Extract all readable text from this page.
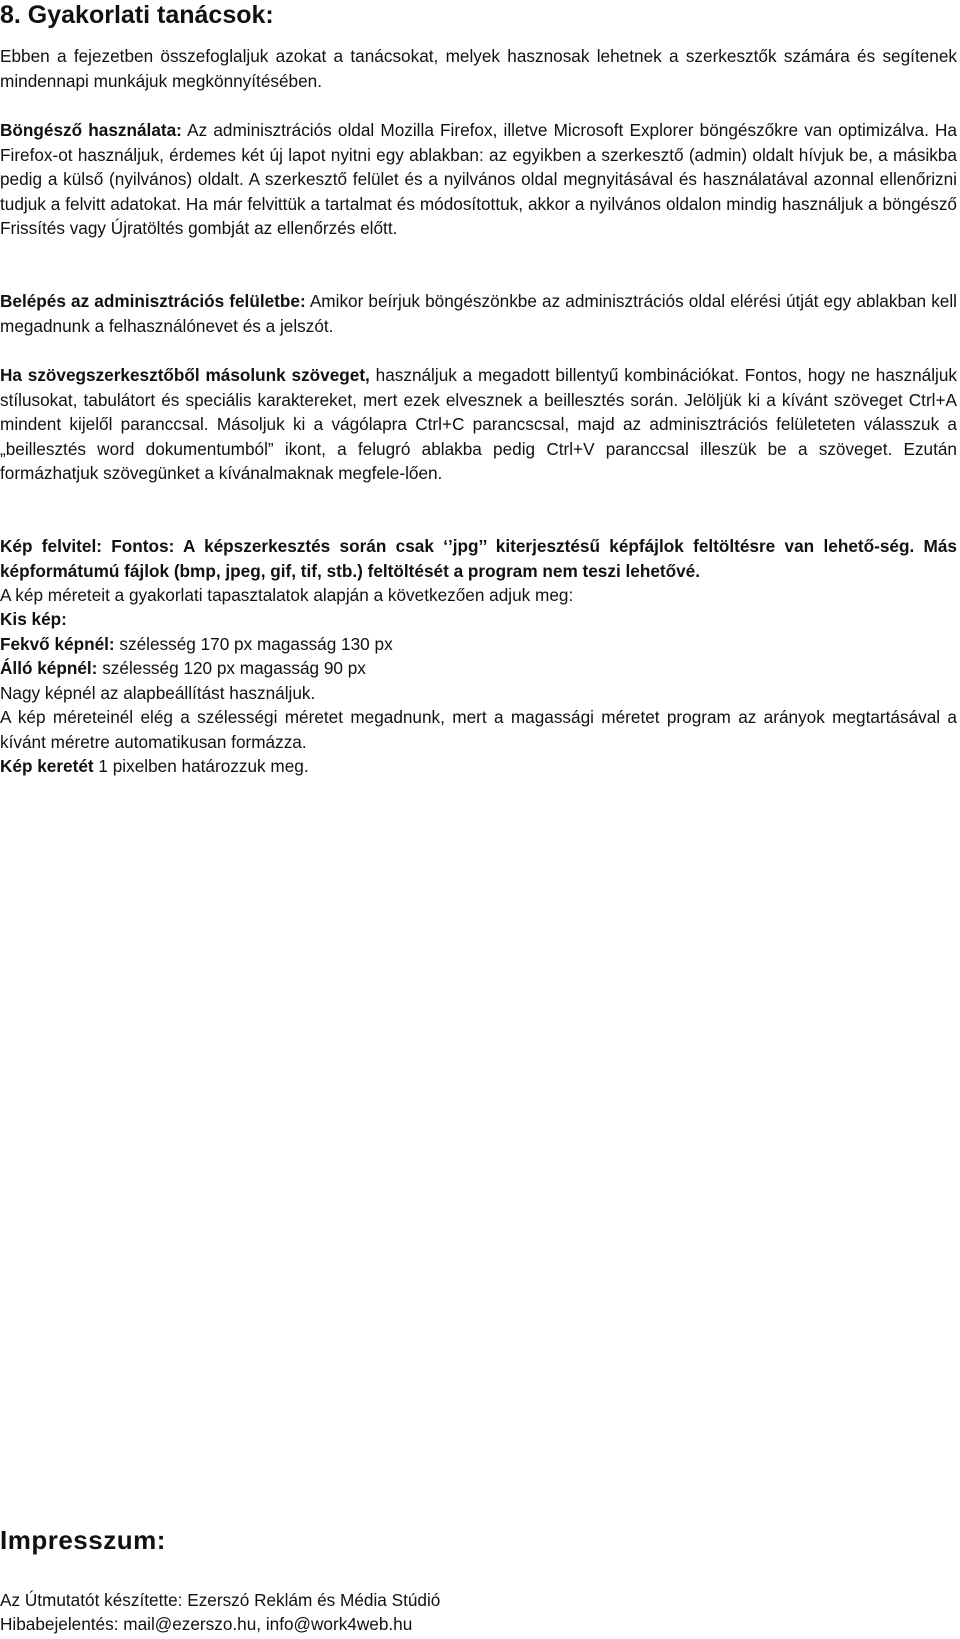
8. Gyakorlati tanácsok:

Ebben a fejezetben összefoglaljuk azokat a tanácsokat, melyek hasznosak lehetnek a szerkesztők számára és segítenek mindennapi munkájuk megkönnyítésében.

Böngésző használata: Az adminisztrációs oldal Mozilla Firefox, illetve Microsoft Explorer böngészőkre van optimizálva. Ha Firefox-ot használjuk, érdemes két új lapot nyitni egy ablakban: az egyikben a szerkesztő (admin) oldalt hívjuk be, a másikba pedig a külső (nyilvános) oldalt. A szerkesztő felület és a nyilvános oldal megnyitásával és használatával azonnal ellenőrizni tudjuk a felvitt adatokat. Ha már felvittük a tartalmat és módosítottuk, akkor a nyilvános oldalon mindig használjuk a böngésző Frissítés vagy Újratöltés gombját az ellenőrzés előtt.

Belépés az adminisztrációs felületbe: Amikor beírjuk böngészönkbe az adminisztrációs oldal elérési útját egy ablakban kell megadnunk a felhasználónevet és a jelszót.

Ha szövegszerkesztőből másolunk szöveget, használjuk a megadott billentyű kombinációkat. Fontos, hogy ne használjuk stílusokat, tabulátort és speciális karaktereket, mert ezek elvesznek a beillesztés során. Jelöljük ki a kívánt szöveget Ctrl+A mindent kijelől paranccsal. Másoljuk ki a vágólapra Ctrl+C parancscsal, majd az adminisztrációs felületeten válasszuk a „beillesztés word dokumentumból” ikont, a felugró ablakba pedig Ctrl+V paranccsal illeszük be a szöveget. Ezután formázhatjuk szövegünket a kívánalmaknak megfele-lően.

Kép felvitel: Fontos: A képszerkesztés során csak ‘’jpg’’ kiterjesztésű képfájlok feltöltésre van lehető-ség. Más képformátumú fájlok (bmp, jpeg, gif, tif, stb.) feltöltését a program nem teszi lehetővé.

A kép méreteit a gyakorlati tapasztalatok alapján a következően adjuk meg:

Kis kép:

Fekvő képnél: szélesség 170 px magasság 130 px

Álló képnél: szélesség 120 px magasság 90 px

Nagy képnél az alapbeállítást használjuk.

A kép méreteinél elég a szélességi méretet megadnunk, mert a magassági méretet program az arányok megtartásával a kívánt méretre automatikusan formázza.

Kép keretét 1 pixelben határozzuk meg.

Impresszum:

Az Útmutatót készítette: Ezerszó Reklám és Média Stúdió

Hibabejelentés: mail@ezerszo.hu, info@work4web.hu
